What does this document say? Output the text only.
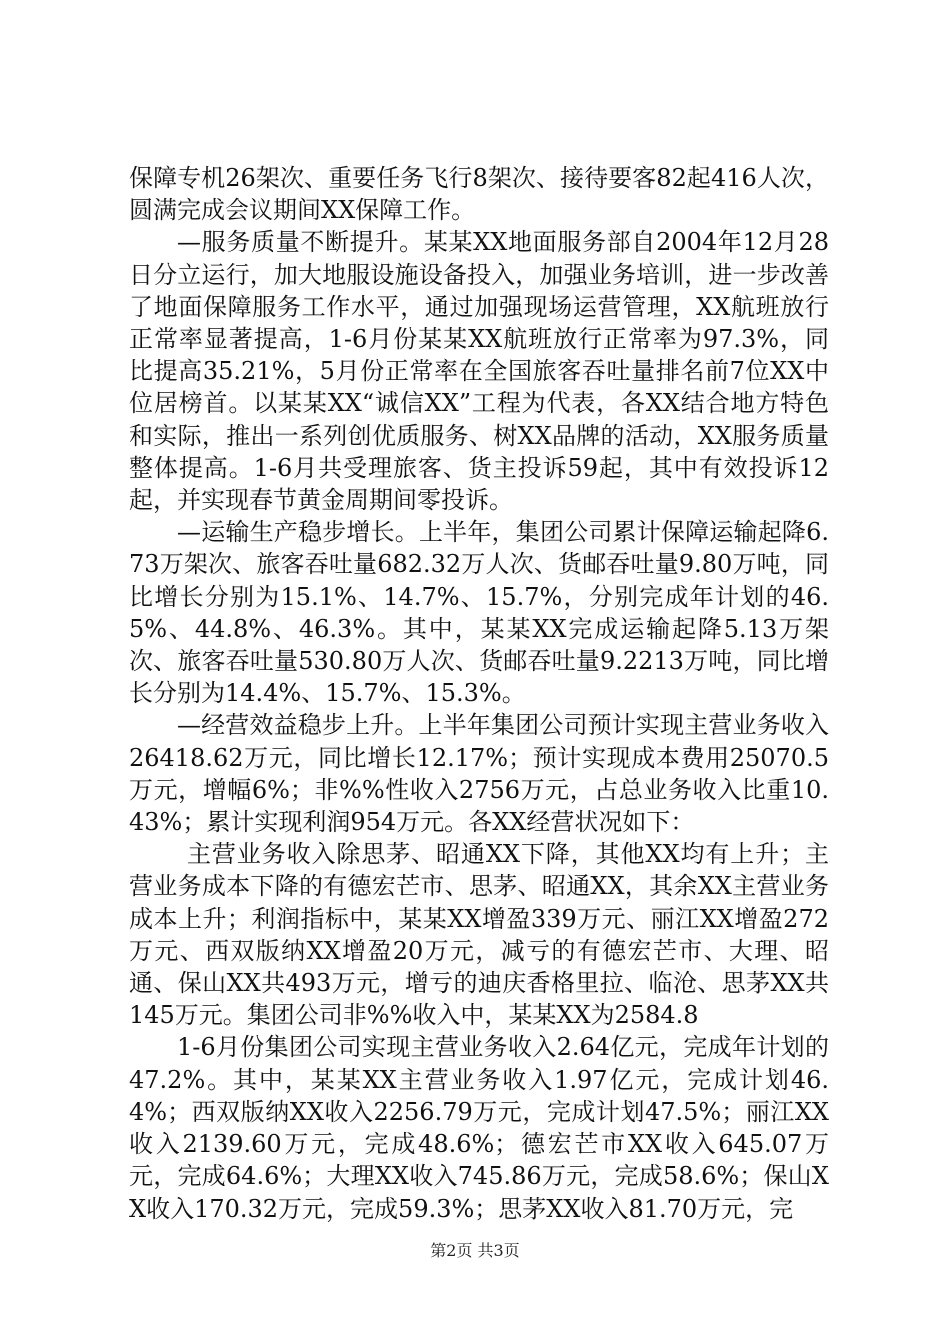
保障专机26架次、重要任务飞行8架次、接待要客82起416人次，圆满完成会议期间XX保障工作。

—服务质量不断提升。某某XX地面服务部自2004年12月28日分立运行，加大地服设施设备投入，加强业务培训，进一步改善了地面保障服务工作水平，通过加强现场运营管理，XX航班放行正常率显著提高，1-6月份某某XX航班放行正常率为97.3%，同比提高35.21%，5月份正常率在全国旅客吞吐量排名前7位XX中位居榜首。以某某XX“诚信XX”工程为代表，各XX结合地方特色和实际，推出一系列创优质服务、树XX品牌的活动，XX服务质量整体提高。1-6月共受理旅客、货主投诉59起，其中有效投诉12起，并实现春节黄金周期间零投诉。

—运输生产稳步增长。上半年，集团公司累计保障运输起降6.73万架次、旅客吞吐量682.32万人次、货邮吞吐量9.80万吨，同比增长分别为15.1%、14.7%、15.7%，分别完成年计划的46.5%、44.8%、46.3%。其中，某某XX完成运输起降5.13万架次、旅客吞吐量530.80万人次、货邮吞吐量9.2213万吨，同比增长分别为14.4%、15.7%、15.3%。

—经营效益稳步上升。上半年集团公司预计实现主营业务收入26418.62万元，同比增长12.17%；预计实现成本费用25070.5万元，增幅6%；非%%性收入2756万元，占总业务收入比重10.43%；累计实现利润954万元。各XX经营状况如下：

主营业务收入除思茅、昭通XX下降，其他XX均有上升；主营业务成本下降的有德宏芒市、思茅、昭通XX，其余XX主营业务成本上升；利润指标中，某某XX增盈339万元、丽江XX增盈272万元、西双版纳XX增盈20万元，减亏的有德宏芒市、大理、昭通、保山XX共493万元，增亏的迪庆香格里拉、临沧、思茅XX共145万元。集团公司非%%收入中，某某XX为2584.8

1-6月份集团公司实现主营业务收入2.64亿元，完成年计划的47.2%。其中，某某XX主营业务收入1.97亿元，完成计划46.4%；西双版纳XX收入2256.79万元，完成计划47.5%；丽江XX收入2139.60万元，完成48.6%；德宏芒市XX收入645.07万元，完成64.6%；大理XX收入745.86万元，完成58.6%；保山XX收入170.32万元，完成59.3%；思茅XX收入81.70万元，完

第2页 共3页
